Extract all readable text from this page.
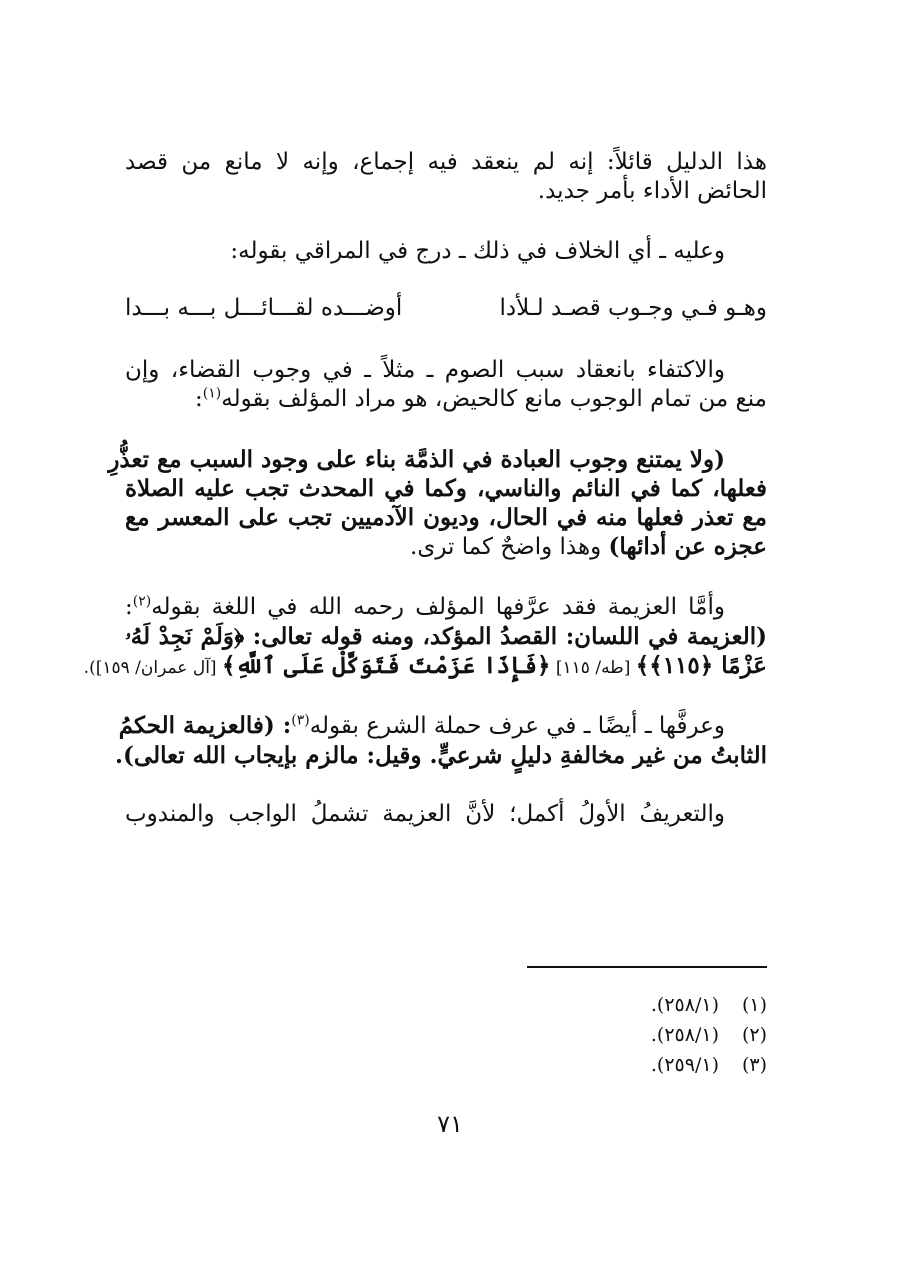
هذا الدليل قائلاً: إنه لم ينعقد فيه إجماع، وإنه لا مانع من قصد
الحائض الأداء بأمر جديد.
وعليه ـ أي الخلاف في ذلك ـ درج في المراقي بقوله:
وهـو فـي وجـوب قصـد لـلأدا
أوضـــده لقـــائـــل بـــه بـــدا
والاكتفاء بانعقاد سبب الصوم ـ مثلاً ـ في وجوب القضاء، وإن
منع من تمام الوجوب مانع كالحيض، هو مراد المؤلف بقوله$^{(١)}$:
(ولا يمتنع وجوب العبادة في الذمَّة بناء على وجود السبب مع تعذُّرِ
فعلها، كما في النائم والناسي، وكما في المحدث تجب عليه الصلاة
مع تعذر فعلها منه في الحال، وديون الآدميين تجب على المعسر مع
عجزه عن أدائها) وهذا واضحٌ كما ترى.
وأمَّا العزيمة فقد عرَّفها المؤلف رحمه الله في اللغة بقوله$^{(٢)}$:
(العزيمة في اللسان: القصدُ المؤكد، ومنه قوله تعالى: ﴿وَلَمْ نَجِدْ لَهُۥ
عَزْمًا ﴿١١٥﴾﴾ [طه/ ١١٥] ﴿فَإِذَا عَزَمْتَ فَتَوَكَّلْ عَلَى ٱللَّهِ﴾ [آل عمران/ ١٥٩]).
وعرفَّها ـ أيضًا ـ في عرف حملة الشرع بقوله$^{(٣)}$: (فالعزيمة الحكمُ
الثابتُ من غير مخالفةِ دليلٍ شرعيٍّ. وقيل: مالزم بإيجاب الله تعالى).
والتعريفُ الأولُ أكمل؛ لأنَّ العزيمة تشملُ الواجب والمندوب
(١)
(٢٥٨/١).
(٢)
(٢٥٨/١).
(٣)
(٢٥٩/١).
٧١
